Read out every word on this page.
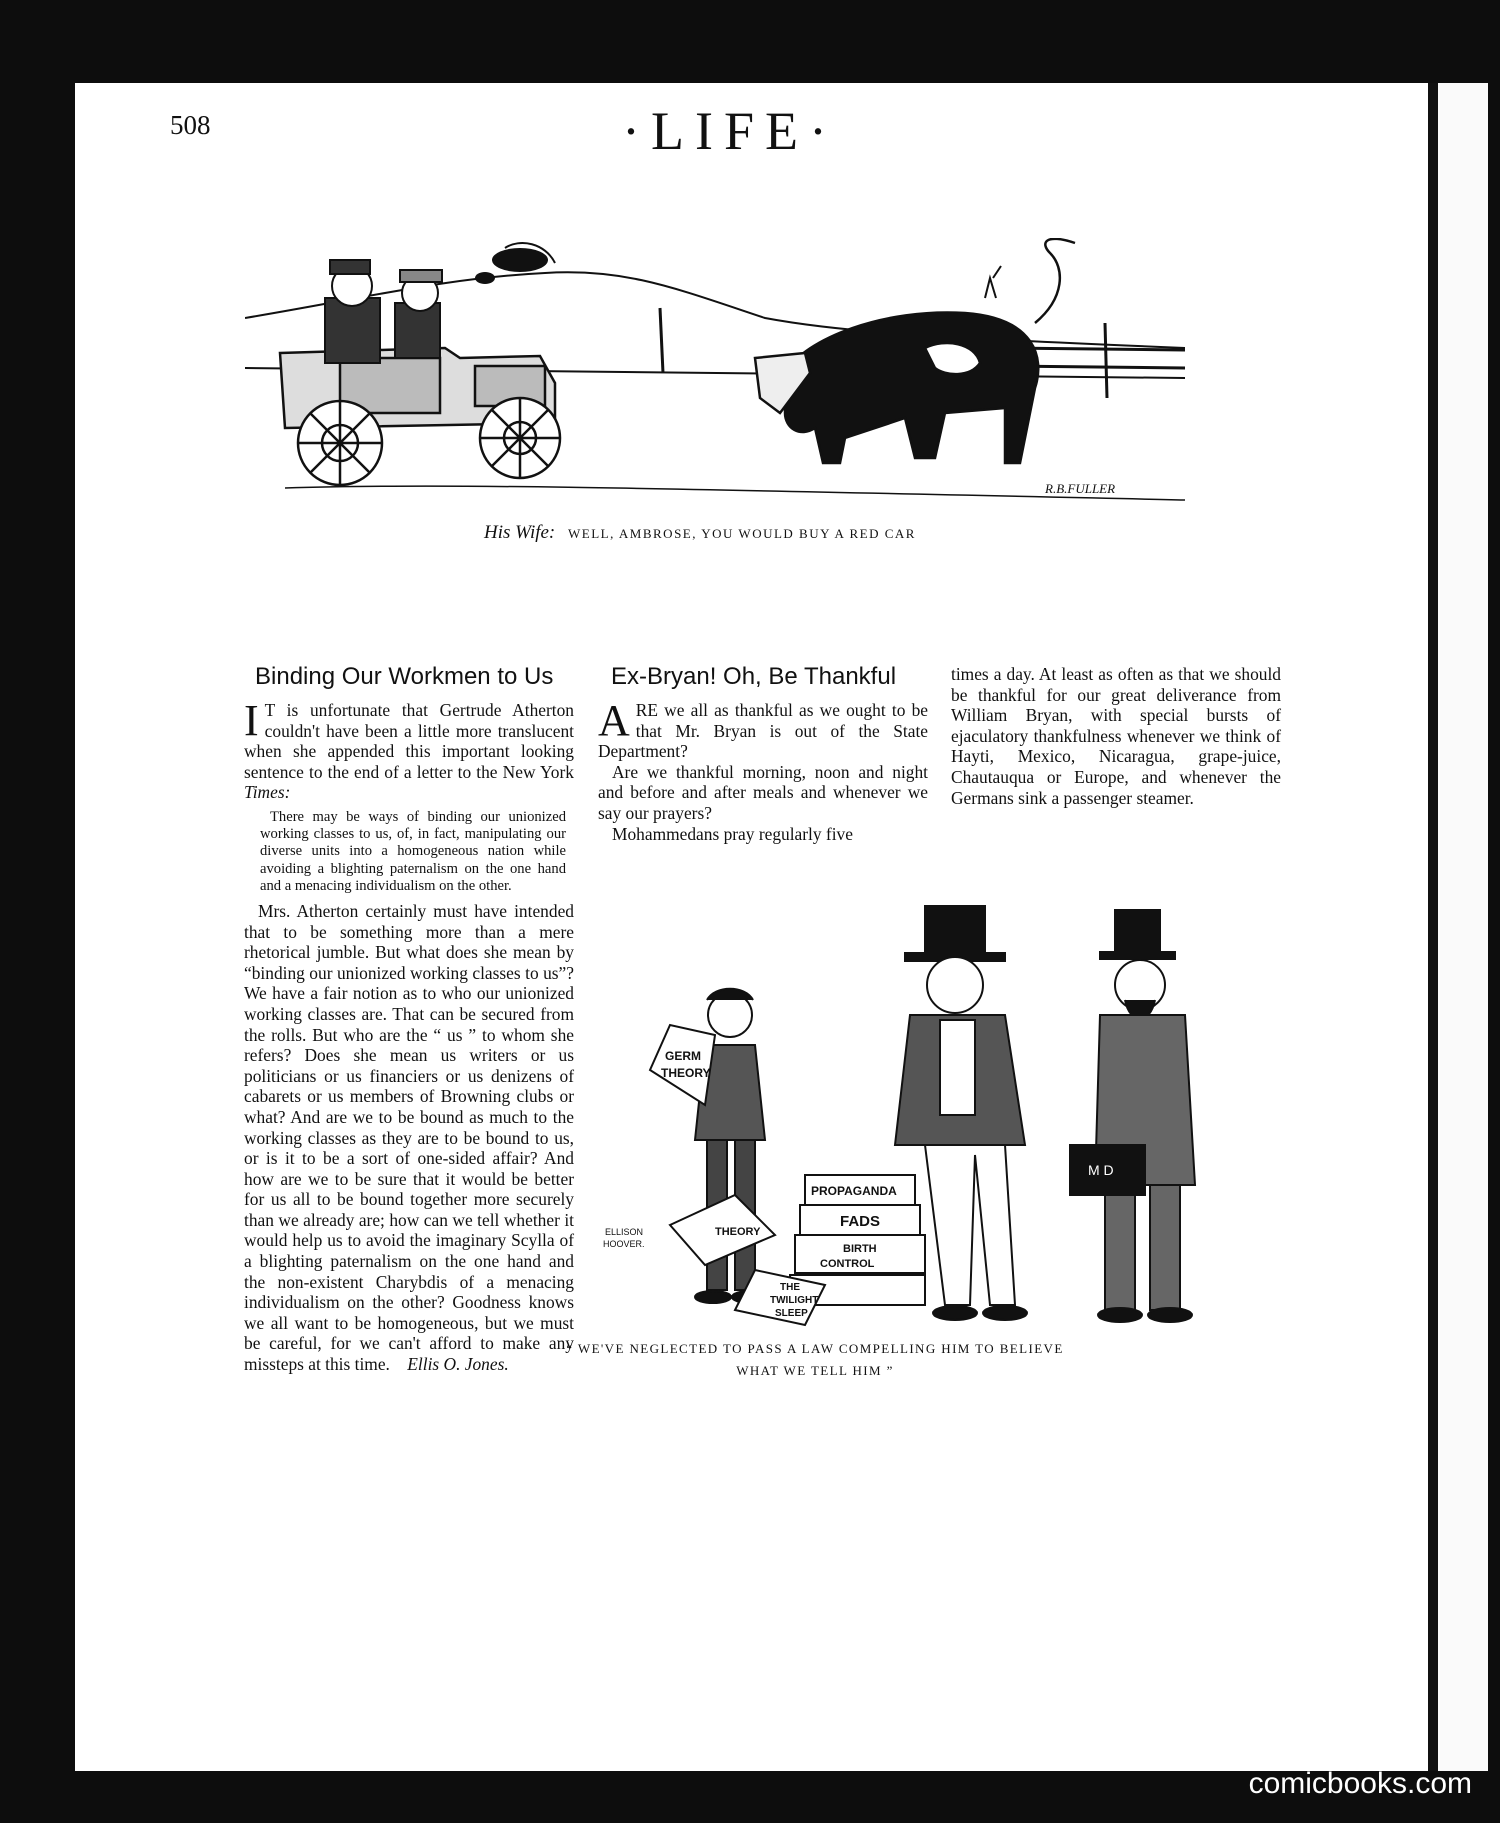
508	·LIFE·
R.B.FULLER
His Wife: WELL, AMBROSE, YOU WOULD BUY A RED CAR
Binding Our Workmen to Us

I T is unfortunate that Gertrude Atherton couldn't have been a little more translucent when she appended this important looking sentence to the end of a letter to the New York Times:

There may be ways of binding our unionized working classes to us, of, in fact, manipulating our diverse units into a homogeneous nation while avoiding a blighting paternalism on the one hand and a menacing individualism on the other.

Mrs. Atherton certainly must have intended that to be something more than a mere rhetorical jumble. But what does she mean by “binding our unionized working classes to us”? We have a fair notion as to who our unionized working classes are. That can be secured from the rolls. But who are the “ us ” to whom she refers? Does she mean us writers or us politicians or us financiers or us denizens of cabarets or us members of Browning clubs or what? And are we to be bound as much to the working classes as they are to be bound to us, or is it to be a sort of one-sided affair? And how are we to be sure that it would be better for us all to be bound together more securely than we already are; how can we tell whether it would help us to avoid the imaginary Scylla of a blighting paternalism on the one hand and the non-existent Charybdis of a menacing individualism on the other? Goodness knows we all want to be homogeneous, but we must be careful, for we can't afford to make any missteps at this time. Ellis O. Jones.

Ex-Bryan! Oh, Be Thankful

ARE we all as thankful as we ought to be that Mr. Bryan is out of the State Department?

Are we thankful morning, noon and night and before and after meals and whenever we say our prayers?

Mohammedans pray regularly five

times a day. At least as often as that we should be thankful for our great deliverance from William Bryan, with special bursts of ejaculatory thankfulness whenever we think of Hayti, Mexico, Nicaragua, grape-juice, Chautauqua or Europe, and whenever the Germans sink a passenger steamer.

GERM
THEORY
M D
PROPAGANDA
FADS
BIRTH
CONTROL
THEORY
THE
TWILIGHT
SLEEP
ELLISON
HOOVER.
“ WE'VE NEGLECTED TO PASS A LAW COMPELLING HIM TO BELIEVE WHAT WE TELL HIM ”
comicbooks.com
